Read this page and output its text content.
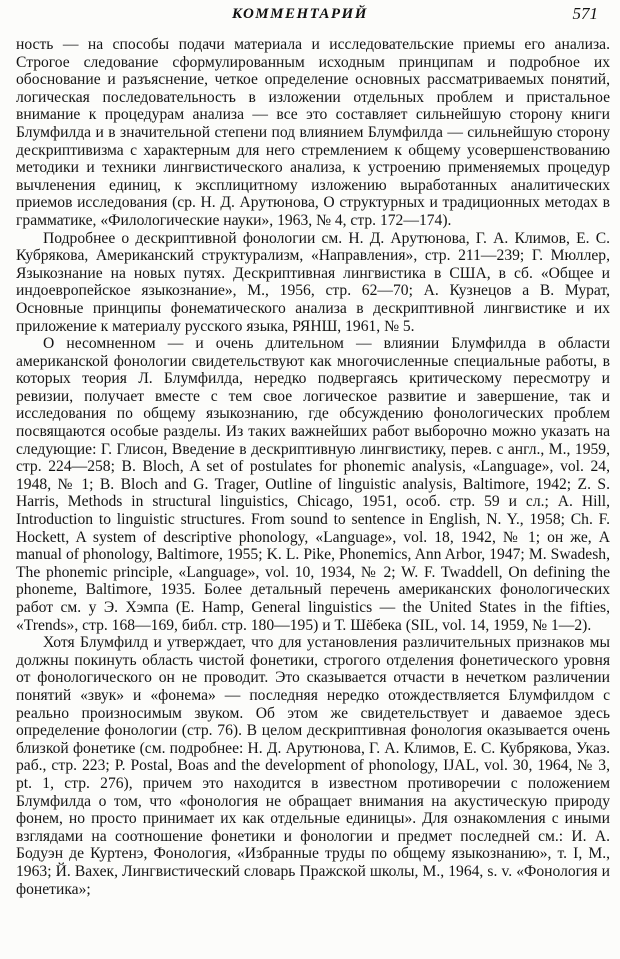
КОММЕНТАРИЙ	571

ность — на способы подачи материала и исследовательские приемы его анализа. Строгое следование сформулированным исходным принципам и подробное их обоснование и разъяснение, четкое определение основных рассматриваемых понятий, логическая последовательность в изложении отдельных проблем и пристальное внимание к процедурам анализа — все это составляет сильнейшую сторону книги Блумфилда и в значительной степени под влиянием Блумфилда — сильнейшую сторону дескриптивизма с характерным для него стремлением к общему усовершенствованию методики и техники лингвистического анализа, к устроению применяемых процедур вычленения единиц, к эксплицитному изложению выработанных аналитических приемов исследования (ср. Н. Д. Арутюнова, О структурных и традиционных методах в грамматике, «Филологические науки», 1963, № 4, стр. 172—174).

Подробнее о дескриптивной фонологии см. Н. Д. Арутюнова, Г. А. Климов, Е. С. Кубрякова, Американский структурализм, «Направления», стр. 211—239; Г. Мюллер, Языкознание на новых путях. Дескриптивная лингвистика в США, в сб. «Общее и индоевропейское языкознание», М., 1956, стр. 62—70; А. Кузнецов а В. Мурат, Основные принципы фонематического анализа в дескриптивной лингвистике и их приложение к материалу русского языка, РЯНШ, 1961, № 5.

О несомненном — и очень длительном — влиянии Блумфилда в области американской фонологии свидетельствуют как многочисленные специальные работы, в которых теория Л. Блумфилда, нередко подвергаясь критическому пересмотру и ревизии, получает вместе с тем свое логическое развитие и завершение, так и исследования по общему языкознанию, где обсуждению фонологических проблем посвящаются особые разделы. Из таких важнейших работ выборочно можно указать на следующие: Г. Глисон, Введение в дескриптивную лингвистику, перев. с англ., М., 1959, стр. 224—258; B. Bloch, A set of postulates for phonemic analysis, «Language», vol. 24, 1948, № 1; B. Bloch and G. Trager, Outline of linguistic analysis, Baltimore, 1942; Z. S. Harris, Methods in structural linguistics, Chicago, 1951, особ. стр. 59 и сл.; A. Hill, Introduction to linguistic structures. From sound to sentence in English, N. Y., 1958; Ch. F. Hockett, A system of descriptive phonology, «Language», vol. 18, 1942, № 1; он же, A manual of phonology, Baltimore, 1955; K. L. Pike, Phonemics, Ann Arbor, 1947; M. Swadesh, The phonemic principle, «Language», vol. 10, 1934, № 2; W. F. Twaddell, On defining the phoneme, Baltimore, 1935. Более детальный перечень американских фонологических работ см. у Э. Хэмпа (E. Hamp, General linguistics — the United States in the fifties, «Trends», стр. 168—169, библ. стр. 180—195) и Т. Шёбека (SIL, vol. 14, 1959, № 1—2).

Хотя Блумфилд и утверждает, что для установления различительных признаков мы должны покинуть область чистой фонетики, строгого отделения фонетического уровня от фонологического он не проводит. Это сказывается отчасти в нечетком различении понятий «звук» и «фонема» — последняя нередко отождествляется Блумфилдом с реально произносимым звуком. Об этом же свидетельствует и даваемое здесь определение фонологии (стр. 76). В целом дескриптивная фонология оказывается очень близкой фонетике (см. подробнее: Н. Д. Арутюнова, Г. А. Климов, Е. С. Кубрякова, Указ. раб., стр. 223; P. Postal, Boas and the development of phonology, IJAL, vol. 30, 1964, № 3, pt. 1, стр. 276), причем это находится в известном противоречии с положением Блумфилда о том, что «фонология не обращает внимания на акустическую природу фонем, но просто принимает их как отдельные единицы». Для ознакомления с иными взглядами на соотношение фонетики и фонологии и предмет последней см.: И. А. Бодуэн де Куртенэ, Фонология, «Избранные труды по общему языкознанию», т. I, М., 1963; Й. Вахек, Лингвистический словарь Пражской школы, М., 1964, s. v. «Фонология и фонетика»;
